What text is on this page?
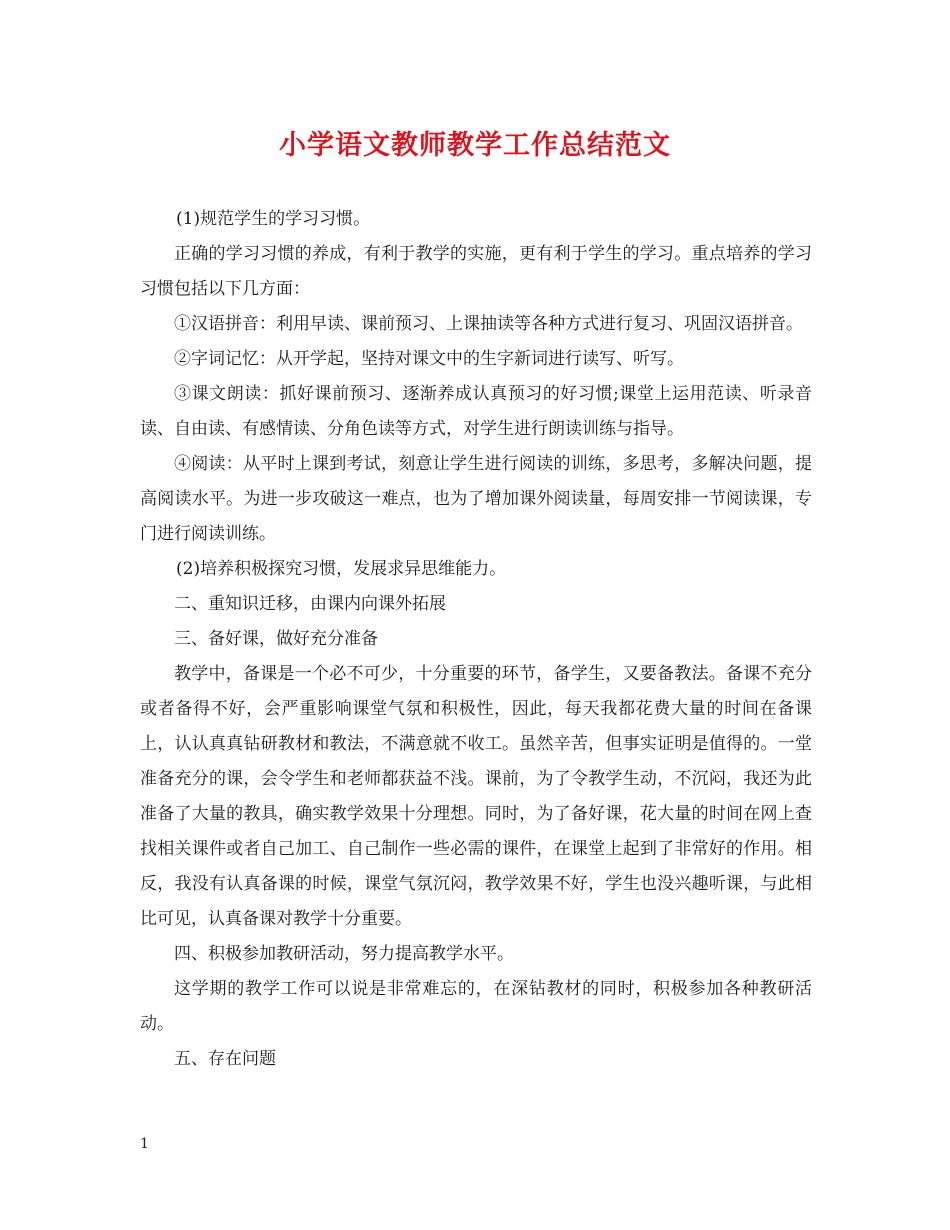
小学语文教师教学工作总结范文

(1)规范学生的学习习惯。

正确的学习习惯的养成，有利于教学的实施，更有利于学生的学习。重点培养的学习习惯包括以下几方面：

①汉语拼音：利用早读、课前预习、上课抽读等各种方式进行复习、巩固汉语拼音。

②字词记忆：从开学起，坚持对课文中的生字新词进行读写、听写。

③课文朗读：抓好课前预习、逐渐养成认真预习的好习惯;课堂上运用范读、听录音读、自由读、有感情读、分角色读等方式，对学生进行朗读训练与指导。

④阅读：从平时上课到考试，刻意让学生进行阅读的训练，多思考，多解决问题，提高阅读水平。为进一步攻破这一难点，也为了增加课外阅读量，每周安排一节阅读课，专门进行阅读训练。

(2)培养积极探究习惯，发展求异思维能力。

二、重知识迁移，由课内向课外拓展

三、备好课，做好充分准备

教学中，备课是一个必不可少，十分重要的环节，备学生，又要备教法。备课不充分或者备得不好，会严重影响课堂气氛和积极性，因此，每天我都花费大量的时间在备课上，认认真真钻研教材和教法，不满意就不收工。虽然辛苦，但事实证明是值得的。一堂准备充分的课，会令学生和老师都获益不浅。课前，为了令教学生动，不沉闷，我还为此准备了大量的教具，确实教学效果十分理想。同时，为了备好课，花大量的时间在网上查找相关课件或者自己加工、自己制作一些必需的课件，在课堂上起到了非常好的作用。相反，我没有认真备课的时候，课堂气氛沉闷，教学效果不好，学生也没兴趣听课，与此相比可见，认真备课对教学十分重要。

四、积极参加教研活动，努力提高教学水平。

这学期的教学工作可以说是非常难忘的，在深钻教材的同时，积极参加各种教研活动。

五、存在问题

1
